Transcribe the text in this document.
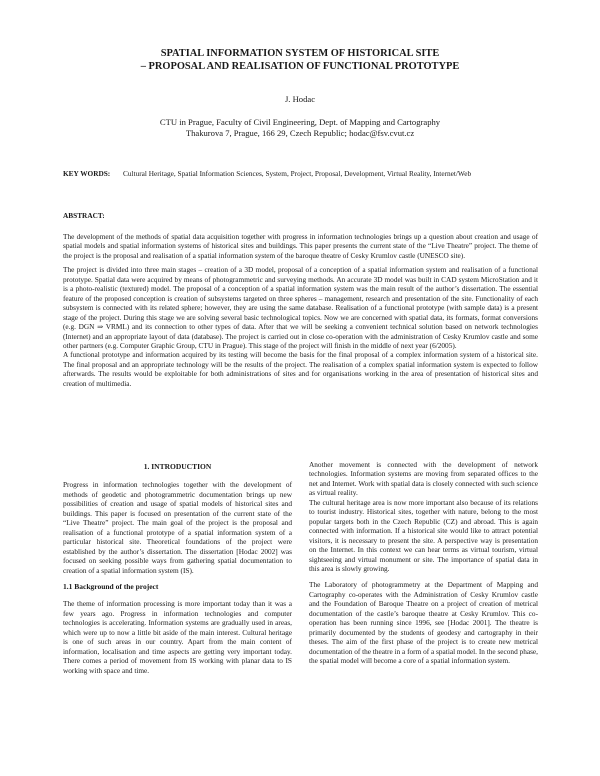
SPATIAL INFORMATION SYSTEM OF HISTORICAL SITE
– PROPOSAL AND REALISATION OF FUNCTIONAL PROTOTYPE
J. Hodac
CTU in Prague, Faculty of Civil Engineering, Dept. of Mapping and Cartography
Thakurova 7, Prague, 166 29, Czech Republic; hodac@fsv.cvut.cz
KEY WORDS:	Cultural Heritage, Spatial Information Sciences, System, Project, Proposal, Development, Virtual Reality, Internet/Web
ABSTRACT:

The development of the methods of spatial data acquisition together with progress in information technologies brings up a question about creation and usage of spatial models and spatial information systems of historical sites and buildings. This paper presents the current state of the “Live Theatre” project. The theme of the project is the proposal and realisation of a spatial information system of the baroque theatre of Cesky Krumlov castle (UNESCO site).

The project is divided into three main stages – creation of a 3D model, proposal of a conception of a spatial information system and realisation of a functional prototype. Spatial data were acquired by means of photogrammetric and surveying methods. An accurate 3D model was built in CAD system MicroStation and it is a photo-realistic (textured) model. The proposal of a conception of a spatial information system was the main result of the author’s dissertation. The essential feature of the proposed conception is creation of subsystems targeted on three spheres – management, research and presentation of the site. Functionality of each subsystem is connected with its related sphere; however, they are using the same database. Realisation of a functional prototype (with sample data) is a present stage of the project. During this stage we are solving several basic technological topics. Now we are concerned with spatial data, its formats, format conversions (e.g. DGN ⇒ VRML) and its connection to other types of data. After that we will be seeking a convenient technical solution based on network technologies (Internet) and an appropriate layout of data (database). The project is carried out in close co-operation with the administration of Cesky Krumlov castle and some other partners (e.g. Computer Graphic Group, CTU in Prague). This stage of the project will finish in the middle of next year (6/2005).

A functional prototype and information acquired by its testing will become the basis for the final proposal of a complex information system of a historical site. The final proposal and an appropriate technology will be the results of the project. The realisation of a complex spatial information system is expected to follow afterwards. The results would be exploitable for both administrations of sites and for organisations working in the area of presentation of historical sites and creation of multimedia.

1. INTRODUCTION

Progress in information technologies together with the development of methods of geodetic and photogrammetric documentation brings up new possibilities of creation and usage of spatial models of historical sites and buildings. This paper is focused on presentation of the current state of the “Live Theatre” project. The main goal of the project is the proposal and realisation of a functional prototype of a spatial information system of a particular historical site. Theoretical foundations of the project were established by the author’s dissertation. The dissertation [Hodac 2002] was focused on seeking possible ways from gathering spatial documentation to creation of a spatial information system (IS).

1.1 Background of the project

The theme of information processing is more important today than it was a few years ago. Progress in information technologies and computer technologies is accelerating. Information systems are gradually used in areas, which were up to now a little bit aside of the main interest. Cultural heritage is one of such areas in our country. Apart from the main content of information, localisation and time aspects are getting very important today. There comes a period of movement from IS working with planar data to IS working with space and time.

Another movement is connected with the development of network technologies. Information systems are moving from separated offices to the net and Internet. Work with spatial data is closely connected with such science as virtual reality.

The cultural heritage area is now more important also because of its relations to tourist industry. Historical sites, together with nature, belong to the most popular targets both in the Czech Republic (CZ) and abroad. This is again connected with information. If a historical site would like to attract potential visitors, it is necessary to present the site. A perspective way is presentation on the Internet. In this context we can hear terms as virtual tourism, virtual sightseeing and virtual monument or site. The importance of spatial data in this area is slowly growing.

The Laboratory of photogrammetry at the Department of Mapping and Cartography co-operates with the Administration of Cesky Krumlov castle and the Foundation of Baroque Theatre on a project of creation of metrical documentation of the castle’s baroque theatre at Cesky Krumlov. This co-operation has been running since 1996, see [Hodac 2001]. The theatre is primarily documented by the students of geodesy and cartography in their theses. The aim of the first phase of the project is to create new metrical documentation of the theatre in a form of a spatial model. In the second phase, the spatial model will become a core of a spatial information system.
